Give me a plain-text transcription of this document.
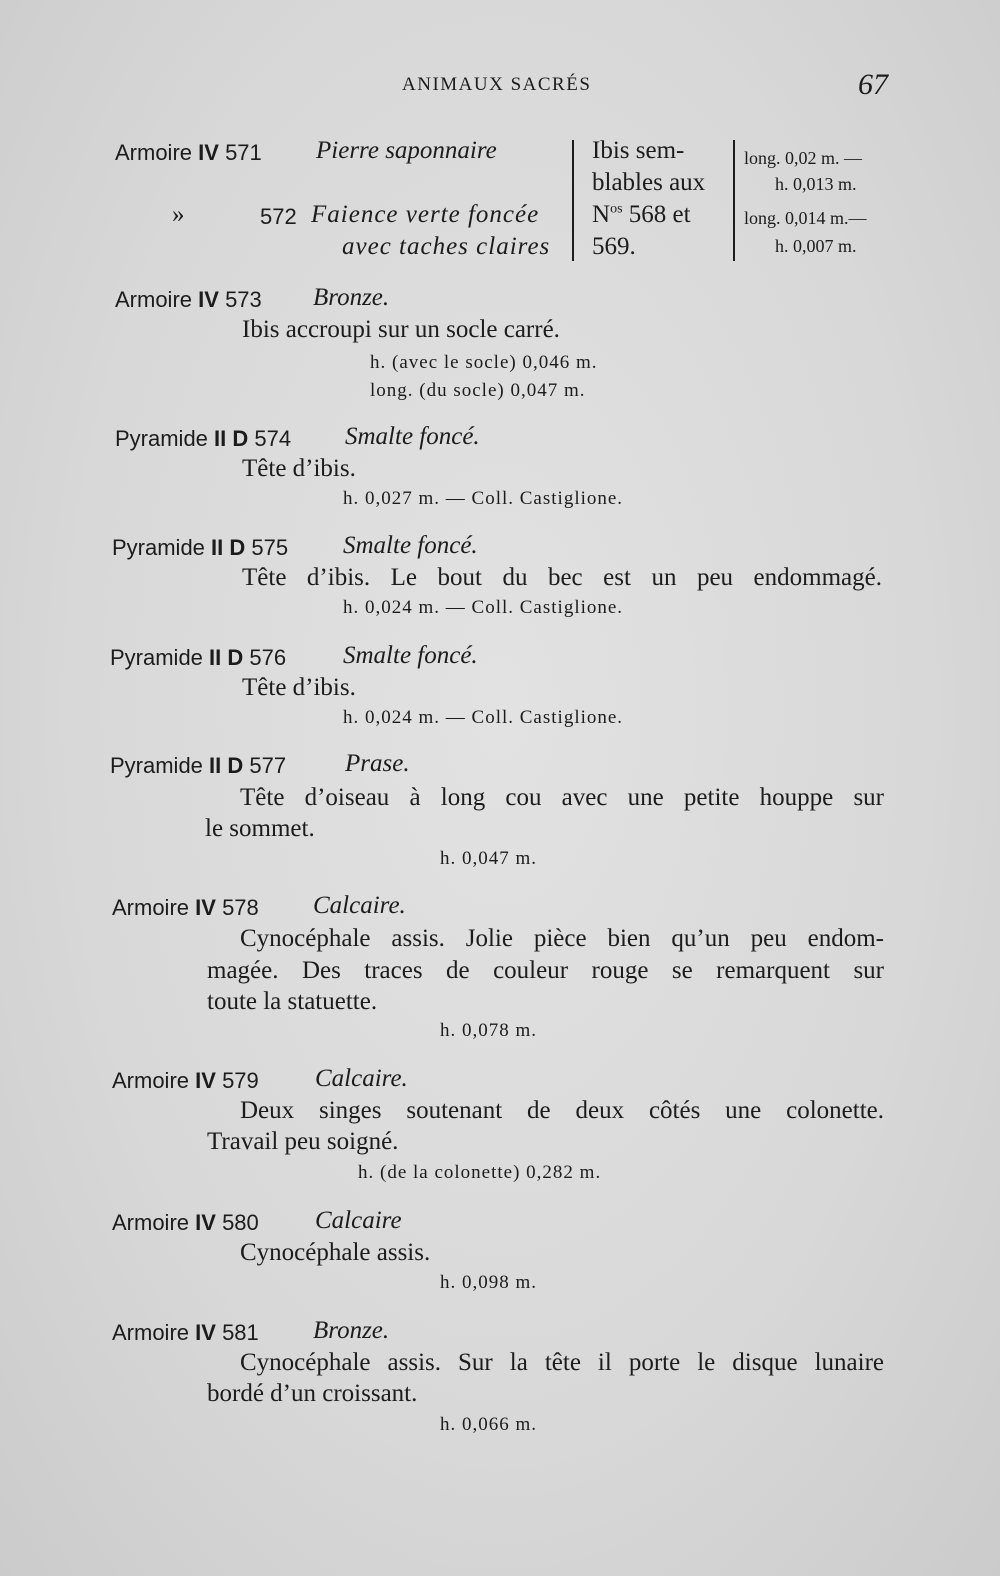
ANIMAUX SACRÉS	67
Armoire IV 571 Pierre saponnaire
»	572 Faience verte foncée
avec taches claires
Ibis sem-
blables aux
$N^{os}$ 568 et
569.
long. 0,02 m. —
h. 0,013 m.
long. 0,014 m.—
h. 0,007 m.
Armoire IV 573 Bronze.
Ibis accroupi sur un socle carré.
h. (avec le socle) 0,046 m.
long. (du socle) 0,047 m.
Pyramide II D 574 Smalte foncé.
Tête d’ibis.
h. 0,027 m. — Coll. Castiglione.
Pyramide II D 575 Smalte foncé.
Tête d’ibis. Le bout du bec est un peu endommagé.
h. 0,024 m. — Coll. Castiglione.
Pyramide II D 576 Smalte foncé.
Tête d’ibis.
h. 0,024 m. — Coll. Castiglione.
Pyramide II D 577 Prase.
Tête d’oiseau à long cou avec une petite houppe sur
le sommet.
h. 0,047 m.
Armoire IV 578 Calcaire.
Cynocéphale assis. Jolie pièce bien qu’un peu endom-
magée. Des traces de couleur rouge se remarquent sur
toute la statuette.
h. 0,078 m.
Armoire IV 579 Calcaire.
Deux singes soutenant de deux côtés une colonette.
Travail peu soigné.
h. (de la colonette) 0,282 m.
Armoire IV 580 Calcaire
Cynocéphale assis.
h. 0,098 m.
Armoire IV 581 Bronze.
Cynocéphale assis. Sur la tête il porte le disque lunaire
bordé d’un croissant.
h. 0,066 m.
